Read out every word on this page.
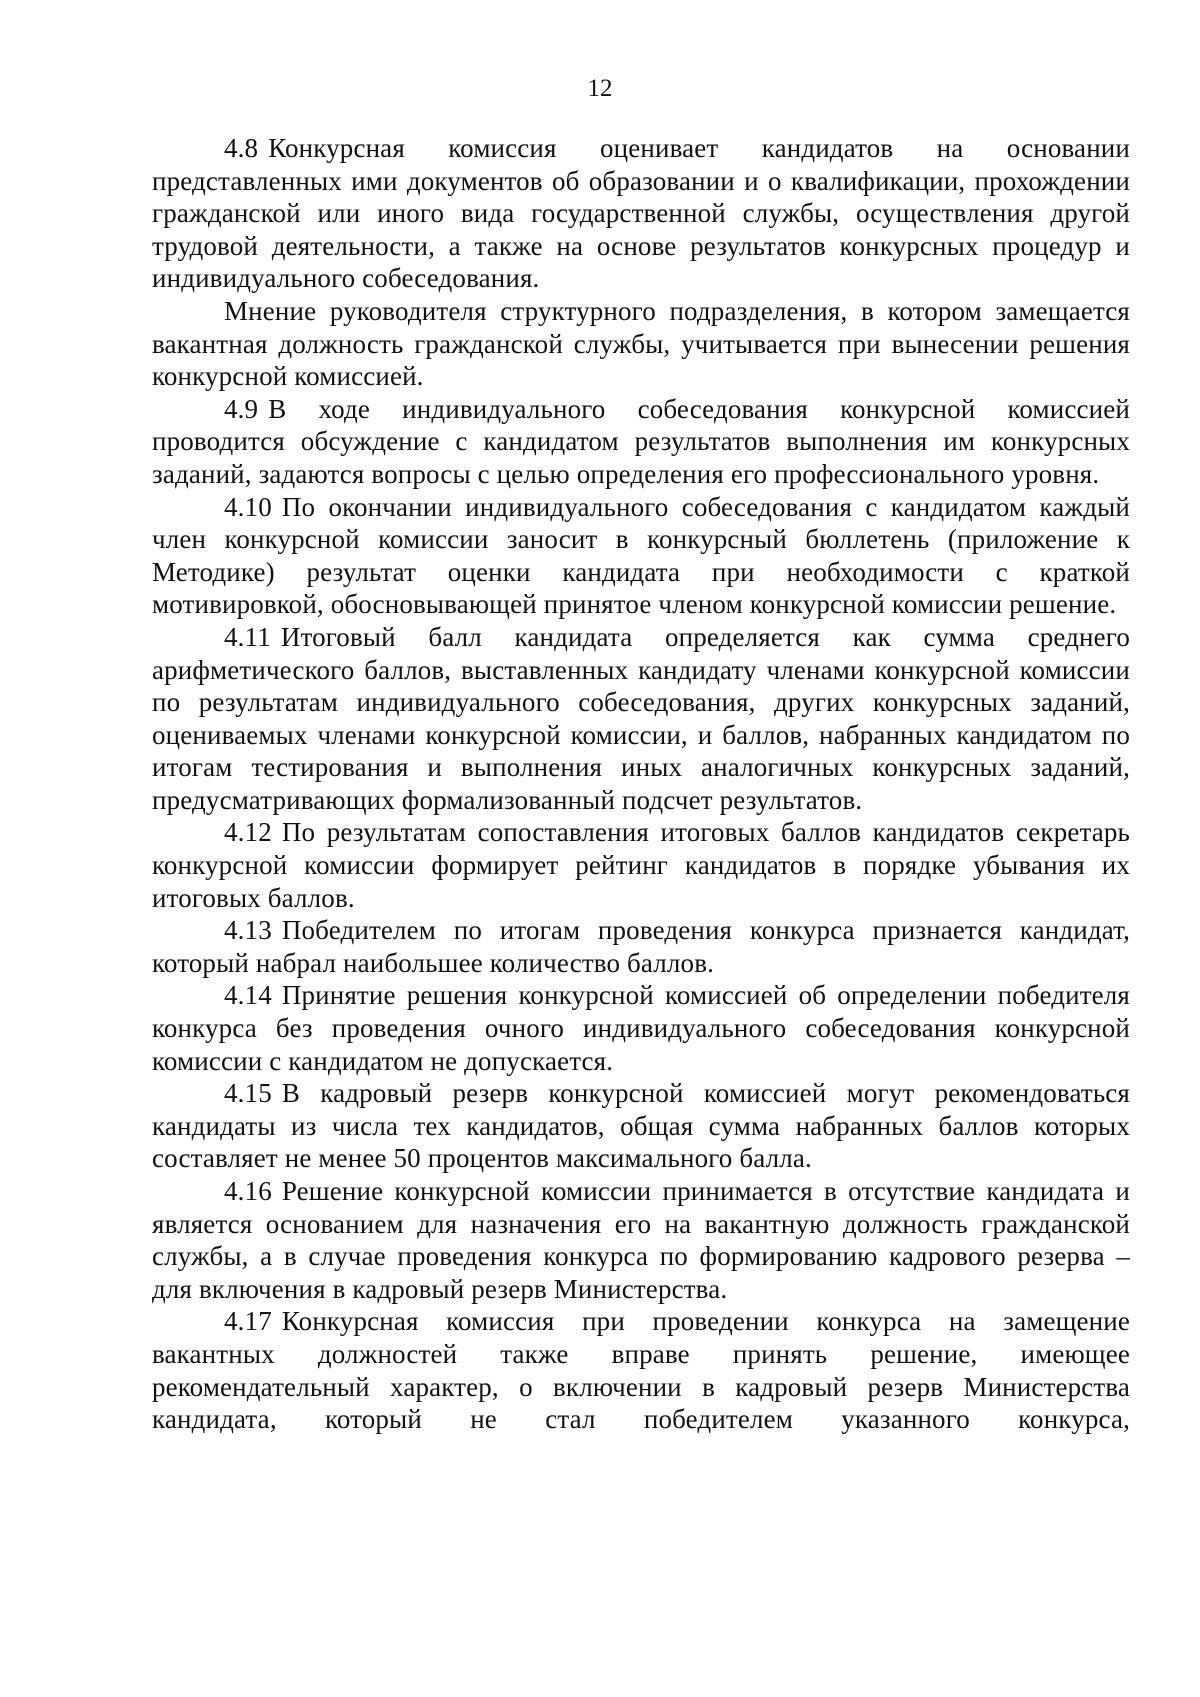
12

4.8 Конкурсная комиссия оценивает кандидатов на основании представленных ими документов об образовании и о квалификации, прохождении гражданской или иного вида государственной службы, осуществления другой трудовой деятельности, а также на основе результатов конкурсных процедур и индивидуального собеседования.

Мнение руководителя структурного подразделения, в котором замещается вакантная должность гражданской службы, учитывается при вынесении решения конкурсной комиссией.

4.9 В ходе индивидуального собеседования конкурсной комиссией проводится обсуждение с кандидатом результатов выполнения им конкурсных заданий, задаются вопросы с целью определения его профессионального уровня.

4.10 По окончании индивидуального собеседования с кандидатом каждый член конкурсной комиссии заносит в конкурсный бюллетень (приложение к Методике) результат оценки кандидата при необходимости с краткой мотивировкой, обосновывающей принятое членом конкурсной комиссии решение.

4.11 Итоговый балл кандидата определяется как сумма среднего арифметического баллов, выставленных кандидату членами конкурсной комиссии по результатам индивидуального собеседования, других конкурсных заданий, оцениваемых членами конкурсной комиссии, и баллов, набранных кандидатом по итогам тестирования и выполнения иных аналогичных конкурсных заданий, предусматривающих формализованный подсчет результатов.

4.12 По результатам сопоставления итоговых баллов кандидатов секретарь конкурсной комиссии формирует рейтинг кандидатов в порядке убывания их итоговых баллов.

4.13 Победителем по итогам проведения конкурса признается кандидат, который набрал наибольшее количество баллов.

4.14 Принятие решения конкурсной комиссией об определении победителя конкурса без проведения очного индивидуального собеседования конкурсной комиссии с кандидатом не допускается.

4.15 В кадровый резерв конкурсной комиссией могут рекомендоваться кандидаты из числа тех кандидатов, общая сумма набранных баллов которых составляет не менее 50 процентов максимального балла.

4.16 Решение конкурсной комиссии принимается в отсутствие кандидата и является основанием для назначения его на вакантную должность гражданской службы, а в случае проведения конкурса по формированию кадрового резерва – для включения в кадровый резерв Министерства.

4.17 Конкурсная комиссия при проведении конкурса на замещение вакантных должностей также вправе принять решение, имеющее рекомендательный характер, о включении в кадровый резерв Министерства кандидата, который не стал победителем указанного конкурса,
